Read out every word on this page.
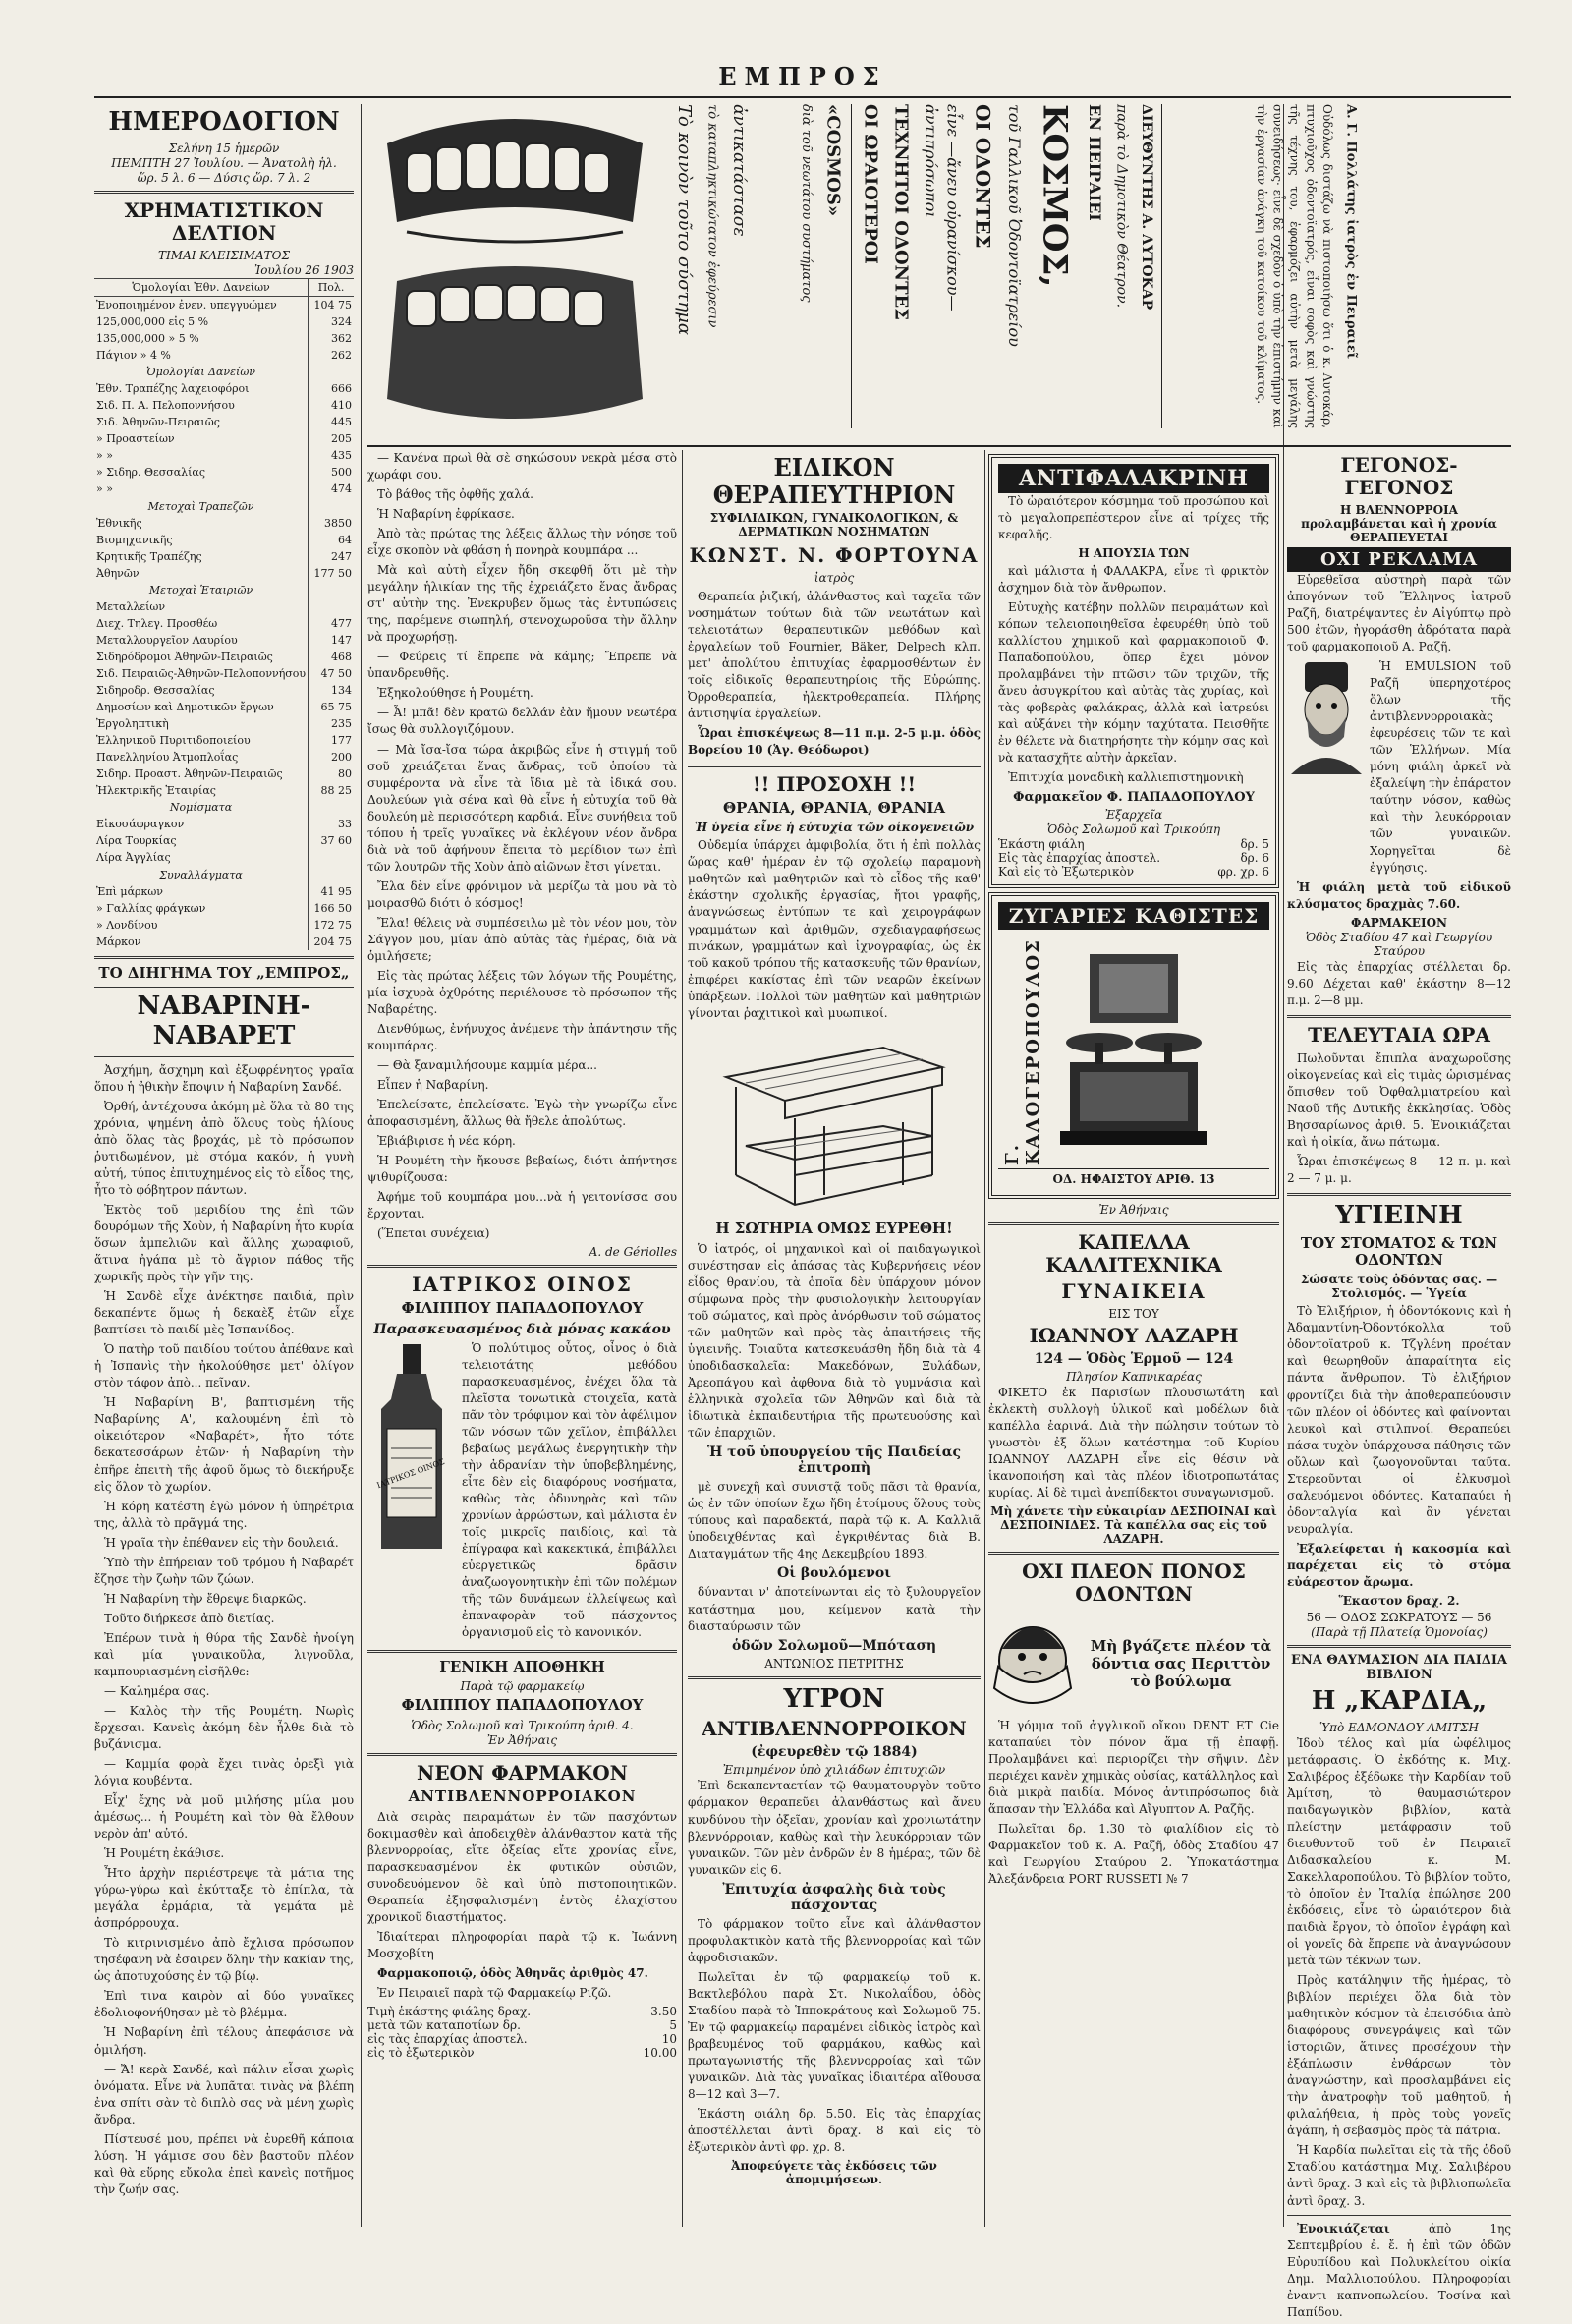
ΕΜΠΡΟΣ
ΗΜΕΡΟΔΟΓΙΟΝ
Σελήνη 15 ἡμερῶν
ΠΕΜΠΤΗ 27 Ἰουλίου. — Ἀνατολὴ ἡλ.
ὥρ. 5 λ. 6 — Δύσις ὥρ. 7 λ. 2
ΧΡΗΜΑΤΙΣΤΙΚΟΝ ΔΕΛΤΙΟΝ
ΤΙΜΑΙ ΚΛΕΙΣΙΜΑΤΟΣ
Ἰουλίου 26 1903
Ὁμολογίαι Ἐθν. Δανείων	Πολ.
Ἐνοποιημένον ἐνεν. υπεγγυώμεν	104 75
125,000,000 εἰς 5 %	324
135,000,000 » 5 %	362
Πάγιον » 4 %	262
Ὁμολογίαι Δανείων	
Ἐθν. Τραπέζης λαχειοφόροι	666
Σιδ. Π. Α. Πελοποννήσου	410
Σιδ. Ἀθηνῶν-Πειραιῶς	445
» Προαστείων	205
» »	435
» Σιδηρ. Θεσσαλίας	500
» »	474
Μετοχαὶ Τραπεζῶν	
Ἐθνικῆς	3850
Βιομηχανικῆς	64
Κρητικῆς Τραπέζης	247
Ἀθηνῶν	177 50
Μετοχαὶ Ἑταιριῶν	
Μεταλλείων	
Διεχ. Τηλεγ. Προσθέω	477
Μεταλλουργεῖον Λαυρίου	147
Σιδηρόδρομοι Ἀθηνῶν-Πειραιῶς	468
Σιδ. Πειραιῶς-Ἀθηνῶν-Πελοποννήσου	47 50
Σιδηροδρ. Θεσσαλίας	134
Δημοσίων καὶ Δημοτικῶν ἔργων	65 75
Ἐργοληπτικὴ	235
Ἑλληνικοῦ Πυριτιδοποιείου	177
Πανελληνίου Ἀτμοπλοΐας	200
Σιδηρ. Προαστ. Ἀθηνῶν-Πειραιῶς	80
Ἠλεκτρικῆς Ἑταιρίας	88 25
Νομίσματα	
Εἰκοσάφραγκον	33
Λίρα Τουρκίας	37 60
Λίρα Ἀγγλίας	
Συναλλάγματα	
Ἐπὶ μάρκων	41 95
» Γαλλίας φράγκων	166 50
» Λονδίνου	172 75
Μάρκον	204 75
ΤΟ ΔΙΗΓΗΜΑ ΤΟΥ „ΕΜΠΡΟΣ„
ΝΑΒΑΡΙΝΗ-ΝΑΒΑΡΕΤ

Ἀσχήμη, ἄσχημη καὶ ἐξωφρένητος γραῖα ὅπου ἡ ἠθικὴν ἔποψιν ἡ Ναβαρίνη Σανδέ.

Ὀρθή, ἀντέχουσα ἀκόμη μὲ ὅλα τὰ 80 της χρόνια, ψημένη ἀπὸ ὅλους τοὺς ἡλίους ἀπὸ ὅλας τὰς βροχάς, μὲ τὸ πρόσωπον ῥυτιδωμένον, μὲ στόμα κακόν, ἡ γυνὴ αὐτή, τύπος ἐπιτυχημένος εἰς τὸ εἶδος της, ἦτο τὸ φόβητρον πάντων.

Ἐκτὸς τοῦ μεριδίου της ἐπὶ τῶν δουρόμων τῆς Χοὺν, ἡ Ναβαρίνη ἦτο κυρία ὅσων ἀμπελιῶν καὶ ἄλλης χωραφιοῦ, ἅτινα ἠγάπα μὲ τὸ ἄγριον πάθος τῆς χωρικῆς πρὸς τὴν γῆν της.

Ἡ Σανδὲ εἶχε ἀνέκτησε παιδιά, πρὶν δεκαπέντε ὅμως ἡ δεκαὲξ ἐτῶν εἶχε βαπτίσει τὸ παιδί μὲς Ἰσπανίδος.

Ὁ πατὴρ τοῦ παιδίου τούτου ἀπέθανε καὶ ἡ Ἰσπανὶς τὴν ἠκολούθησε μετ' ὀλίγον στὸν τάφον ἀπὸ... πεῖναν.

Ἡ Ναβαρίνη Β', βαπτισμένη τῆς Ναβαρίνης Α', καλουμένη ἐπὶ τὸ οἰκειότερον «Ναβαρέτ», ἦτο τότε δεκατεσσάρων ἐτῶν· ἡ Ναβαρίνη τὴν ἐπῆρε ἐπειτὴ τῆς ἀφοῦ ὅμως τὸ διεκήρυξε εἰς ὅλον τὸ χωρίον.

Ἡ κόρη κατέστη ἐγὼ μόνον ἡ ὑπηρέτρια της, ἀλλὰ τὸ πρᾶγμά της.

Ἡ γραῖα τὴν ἐπέθανεν εἰς τὴν δουλειά.

Ὑπὸ τὴν ἐπήρειαν τοῦ τρόμου ἡ Ναβαρέτ ἔζησε τὴν ζωὴν τῶν ζώων.

Ἡ Ναβαρίνη τὴν ἔθρεψε διαρκῶς.

Τοῦτο διήρκεσε ἀπὸ διετίας.

Ἐπέρων τινὰ ἡ θύρα τῆς Σανδὲ ἠνοίγη καὶ μία γυναικοῦλα, λιγνοῦλα, καμπουριασμένη εἰσῆλθε:

— Καλημέρα σας.

— Καλὸς τὴν τῆς Ρουμέτη. Νωρὶς ἔρχεσαι. Κανεὶς ἀκόμη δὲν ἦλθε διὰ τὸ βυζάνισμα.

— Καμμία φορὰ ἔχει τινὰς ὀρεξὶ γιὰ λόγια κουβέντα.

Εἶχ' ἔχης νὰ μοῦ μιλήσης μίλα μου ἀμέσως... ἡ Ρουμέτη καὶ τὸν θὰ ἔλθουν νερὸν ἀπ' αὐτό.

Ἡ Ρουμέτη ἐκάθισε.

Ἦτο ἀρχὴν περιέστρεψε τὰ μάτια της γύρω-γύρω καὶ ἐκύτταξε τὸ ἐπίπλα, τὰ μεγάλα ἐρμάρια, τὰ γεμάτα μὲ ἀσπρόρρουχα.

Τὸ κιτρινισμένο ἀπὸ ἔχλισα πρόσωπον τησέφανη νὰ ἐσαιρεν ὅλην τὴν κακίαν της, ὡς ἀποτυχούσης ἐν τῷ βίῳ.

Ἐπὶ τινα καιρὸν αἱ δύο γυναῖκες ἐδολιοφονήθησαν μὲ τὸ βλέμμα.

Ἡ Ναβαρίνη ἐπὶ τέλους ἀπεφάσισε νὰ ὁμιλήση.

— Ἄ! κερὰ Σανδέ, καὶ πάλιν εἶσαι χωρὶς ὀνόματα. Εἶνε νὰ λυπᾶται τινὰς νὰ βλέπη ἐνα σπίτι σὰν τὸ διπλὸ σας νὰ μένη χωρὶς ἄνδρα.

Πίστευσέ μου, πρέπει νὰ ἐυρεθῆ κάποια λύση. Ἡ γάμισε σου δὲν βαστοῦν πλέον καὶ θὰ εὕρης εὔκολα ἐπεὶ κανεὶς ποτῆμος τὴν ζωήν σας.

Τὸ κοινὸν τοῦτο σύστημα τὸ καταπληκτικώτατον ἐφεύρεσιν ἀντικατάστασε	διὰ τοῦ νεωτάτου συστήματος «COSMOS» ΟΙ ΩΡΑΙΟΤΕΡΟΙ ΤΕΧΝΗΤΟΙ ΟΔΟΝΤΕΣ	εἶνε —ἄνευ οὐρανίσκου— ἀντιπρόσωποι	ΟΙ ΟΔΟΝΤΕΣ τοῦ Γαλλικοῦ Ὀδοντοϊατρείου ΚΟΣΜΟΣ, ΕΝ ΠΕΙΡΑΙΕΙ παρὰ τὸ Δημοτικὸν Θέατρον. ΔΙΕΥΘΥΝΤΗΣ Α. ΛΥΤΟΚΑΡ	Οὐδόλως διστάζω νὰ πιστοποιήσω ὅτι ὁ κ. Λυτοκάρ, πτυχιοῦχος ὀδοντοϊατρός, εἶναι σοφὸς καὶ γνώστης τῆς τέχνης του, ἐφαρμόζει αὐτὴν μετὰ μεγάλης συνειδήσεως· εἶνε δὲ σχεδὸν ὁ ὑπὸ τὴν ἐπιστήμην καὶ τὴν ἐργασίαν ἀνάγκη τοῦ κατοίκου τοῦ κλίματος.	Α. Γ. Πολλάτης ἰατρὸς ἐν Πειραιεῖ

— Κανένα πρωὶ θὰ σὲ σηκώσουν νεκρὰ μέσα στὸ χωράφι σου.

Τὸ βάθος τῆς ὀφθῆς χαλά.

Ἡ Ναβαρίνη ἐφρίκασε.

Ἀπὸ τὰς πρώτας της λέξεις ἄλλως τὴν νόησε τοῦ εἶχε σκοπὸν νὰ φθάση ἡ πονηρὰ κουμπάρα ...

Μὰ καὶ αὐτὴ εἶχεν ἤδη σκεφθῆ ὅτι μὲ τὴν μεγάλην ἡλικίαν της τῆς ἐχρειάζετο ἕνας ἄνδρας στ' αὐτὴν της. Ἐνεκρυβεν ὅμως τὰς ἐντυπώσεις της, παρέμενε σιωπηλή, στενοχωροῦσα τὴν ἄλλην νὰ προχωρήσῃ.

— Φεύρεις τί ἔπρεπε νὰ κάμης; Ἔπρεπε νὰ ὑπανδρευθῆς.

Ἐξηκολούθησε ἡ Ρουμέτη.

— Ἆ! μπᾶ! δὲν κρατῶ δελλάν ἐὰν ἤμουν νεωτέρα ἴσως θὰ συλλογιζόμουν.

— Μὰ ἴσα-ἴσα τώρα ἀκριβῶς εἶνε ἡ στιγμή τοῦ σοῦ χρειάζεται ἕνας ἄνδρας, τοῦ ὁποίου τὰ συμφέροντα νὰ εἶνε τὰ ἴδια μὲ τὰ ἰδικά σου. Δουλεύων γιὰ σένα καὶ θὰ εἶνε ἡ εὐτυχία τοῦ θὰ δουλεύη μὲ περισσότερη καρδιά. Εἶνε συνήθεια τοῦ τόπου ἡ τρεῖς γυναῖκες νὰ ἐκλέγουν νέον ἄνδρα διὰ νὰ τοῦ ἀφήνουν ἔπειτα τὸ μερίδιον των ἐπὶ τῶν λουτρῶν τῆς Χοὺν ἀπὸ αἰῶνων ἔτσι γίνεται.

Ἔλα δὲν εἶνε φρόνιμον νὰ μερίζω τὰ μου νὰ τὸ μοιρασθῶ διότι ὁ κόσμος!

Ἔλα! θέλεις νὰ συμπέσειλω μὲ τὸν νέον μου, τὸν Σάγγον μου, μίαν ἀπὸ αὐτὰς τὰς ἡμέρας, διὰ νὰ ὁμιλήσετε;

Εἰς τὰς πρώτας λέξεις τῶν λόγων τῆς Ρουμέτης, μία ἰσχυρὰ ὀχθρότης περιέλουσε τὸ πρόσωπον τῆς Ναβαρέτης.

Διενθύμως, ἐνήνυχος ἀνέμενε τὴν ἀπάντησιν τῆς κουμπάρας.

— Θὰ ξαναμιλήσουμε καμμία μέρα...

Εἶπεν ἡ Ναβαρίνη.

Ἐπελείσατε, ἐπελείσατε. Ἐγὼ τὴν γνωρίζω εἶνε ἀποφασισμένη, ἄλλως θὰ ἤθελε ἀπολύτως.

Ἐβιάβιρισε ἡ νέα κόρη.

Ἡ Ρουμέτη τὴν ἤκουσε βεβαίως, διότι ἀπήντησε ψιθυρίζουσα:

Ἀφήμε τοῦ κουμπάρα μου...νὰ ἡ γειτονίσσα σου ἔρχονται.

(Ἕπεται συνέχεια)

A. de Gériolles
ΙΑΤΡΙΚΟΣ ΟΙΝΟΣ
ΦΙΛΙΠΠΟΥ ΠΑΠΑΔΟΠΟΥΛΟΥ
Παρασκευασμένος διὰ μόνας κακάου
ΙΑΤΡΙΚΟΣ ΟΙΝΟΣ

Ὁ πολύτιμος οὗτος, οἶνος ὁ διὰ τελειοτάτης μεθόδου παρασκευασμένος, ἐνέχει ὅλα τὰ πλεῖστα τονωτικὰ στοιχεῖα, κατὰ πᾶν τὸν τρόφιμον καὶ τὸν ἀφέλιμον τῶν νόσων τῶν χεῖλον, ἐπιβάλλει βεβαίως μεγάλως ἐνεργητικὴν τὴν τὴν ἀδρανίαν τὴν ὑποβεβλημένης, εἶτε δὲν εἰς διαφόρους νοσήματα, καθὼς τὰς ὀδυνηρὰς καὶ τῶν χρονίων ἀρρώστων, καὶ μάλιστα ἐν τοῖς μικροῖς παιδίοις, καὶ τὰ ἐπίγραφα καὶ κακεκτικά, ἐπιβάλλει εὐεργετικῶς δρᾶσιν ἀναζωογονητικὴν ἐπὶ τῶν πολέμων τῆς τῶν δυνάμεων ἐλλείψεως καὶ ἐπαναφορὰν τοῦ πάσχοντος ὀργανισμοῦ εἰς τὸ κανονικόν.

ΓΕΝΙΚΗ ΑΠΟΘΗΚΗ
Παρὰ τῷ φαρμακείῳ
ΦΙΛΙΠΠΟΥ ΠΑΠΑΔΟΠΟΥΛΟΥ
Ὁδὸς Σολωμοῦ καὶ Τρικούπη ἀριθ. 4.
Ἐν Ἀθήναις
ΝΕΟΝ ΦΑΡΜΑΚΟΝ
ΑΝΤΙΒΛΕΝΝΟΡΡΟΙΑΚΟΝ

Διὰ σειρὰς πειραμάτων ἐν τῶν πασχόντων δοκιμασθὲν καὶ ἀποδειχθὲν ἀλάνθαστον κατὰ τῆς βλεννορροίας, εἴτε ὀξείας εἴτε χρονίας εἶνε, παρασκευασμένον ἐκ φυτικῶν οὐσιῶν, συνοδευόμενον δὲ καὶ ὑπὸ πιστοποιητικῶν. Θεραπεία ἐξησφαλισμένη ἐντὸς ἐλαχίστου χρονικοῦ διαστήματος.

Ἰδιαίτεραι πληροφορίαι παρὰ τῷ κ. Ἰωάννη Μοσχοβίτη

Φαρμακοποιῷ, ὁδὸς Ἀθηνᾶς ἀριθμὸς 47.

Ἐν Πειραιεῖ παρὰ τῷ Φαρμακείῳ Ριζῶ.

Τιμὴ ἑκάστης φιάλης δραχ.	3.50
μετὰ τῶν καταποτίων δρ.	5
εἰς τὰς ἐπαρχίας ἀποστελ.	10
εἰς τὸ ἐξωτερικὸν	10.00
ΕΙΔΙΚΟΝ ΘΕΡΑΠΕΥΤΗΡΙΟΝ
ΣΥΦΙΛΙΔΙΚΩΝ, ΓΥΝΑΙΚΟΛΟΓΙΚΩΝ, & ΔΕΡΜΑΤΙΚΩΝ ΝΟΣΗΜΑΤΩΝ
ΚΩΝΣΤ. Ν. ΦΟΡΤΟΥΝΑ ἰατρὸς

Θεραπεία ῥιζική, ἀλάνθαστος καὶ ταχεῖα τῶν νοσημάτων τούτων διὰ τῶν νεωτάτων καὶ τελειοτάτων θεραπευτικῶν μεθόδων καὶ ἐργαλείων τοῦ Fournier, Bäker, Delpech κλπ. μετ' ἀπολύτου ἐπιτυχίας ἐφαρμοσθέντων ἐν τοῖς εἰδικοῖς θεραπευτηρίοις τῆς Εὐρώπης. Ὀρροθεραπεία, ἠλεκτροθεραπεία. Πλήρης ἀντισηψία ἐργαλείων.

Ὧραι ἐπισκέψεως 8—11 π.μ. 2-5 μ.μ. ὁδὸς Βορείου 10 (Ἁγ. Θεόδωροι)

!! ΠΡΟΣΟΧΗ !!
ΘΡΑΝΙΑ, ΘΡΑΝΙΑ, ΘΡΑΝΙΑ
Ἡ ὑγεία εἶνε ἡ εὐτυχία τῶν οἰκογενειῶν

Οὐδεμία ὑπάρχει ἀμφιβολία, ὅτι ἡ ἐπὶ πολλὰς ὥρας καθ' ἡμέραν ἐν τῷ σχολείῳ παραμονὴ μαθητῶν καὶ μαθητριῶν καὶ τὸ εἶδος τῆς καθ' ἑκάστην σχολικῆς ἐργασίας, ἤτοι γραφῆς, ἀναγνώσεως ἐντύπων τε καὶ χειρογράφων γραμμάτων καὶ ἀριθμῶν, σχεδιαγραφήσεως πινάκων, γραμμάτων καὶ ἰχνογραφίας, ὡς ἐκ τοῦ κακοῦ τρόπου τῆς κατασκευῆς τῶν θρανίων, ἐπιφέρει κακίστας ἐπὶ τῶν νεαρῶν ἐκείνων ὑπάρξεων. Πολλοὶ τῶν μαθητῶν καὶ μαθητριῶν γίνονται ῥαχιτικοὶ καὶ μυωπικοί.

Η ΣΩΤΗΡΙΑ ΟΜΩΣ ΕΥΡΕΘΗ!

Ὁ ἰατρός, οἱ μηχανικοὶ καὶ οἱ παιδαγωγικοὶ συνέστησαν εἰς ἁπάσας τὰς Κυβερνήσεις νέον εἶδος θρανίου, τὰ ὁποῖα δὲν ὑπάρχουν μόνον σύμφωνα πρὸς τὴν φυσιολογικὴν λειτουργίαν τοῦ σώματος, καὶ πρὸς ἀνόρθωσιν τοῦ σώματος τῶν μαθητῶν καὶ πρὸς τὰς ἀπαιτήσεις τῆς ὑγιεινῆς. Τοιαῦτα κατεσκευάσθη ἤδη διὰ τὰ 4 ὑποδιδασκαλεῖα: Μακεδόνων, Ξυλάδων, Ἀρεοπάγου καὶ ἀφθονα διὰ τὸ γυμνάσια καὶ ἑλληνικὰ σχολεῖα τῶν Ἀθηνῶν καὶ διὰ τὰ ἰδιωτικὰ ἐκπαιδευτήρια τῆς πρωτευούσης καὶ τῶν ἐπαρχιῶν.

Ἡ τοῦ ὑπουργείου τῆς Παιδείας ἐπιτροπὴ

μὲ συνεχῆ καὶ συνιστᾷ τοῦς πᾶσι τὰ θρανία, ὡς ἐν τῶν ὁποίων ἔχω ἤδη ἑτοίμους ὅλους τοὺς τύπους καὶ παραδεκτά, παρὰ τῷ κ. Α. Καλλιᾶ ὑποδειχθέντας καὶ ἐγκριθέντας διὰ Β. Διαταγμάτων τῆς 4ης Δεκεμβρίου 1893.

Οἱ βουλόμενοι

δύνανται ν' ἀποτείνωνται εἰς τὸ ξυλουργεῖον κατάστημα μου, κείμενον κατὰ τὴν διασταύρωσιν τῶν

ὁδῶν Σολωμοῦ—Μπόταση
ΑΝΤΩΝΙΟΣ ΠΕΤΡΙΤΗΣ
ΥΓΡΟΝ
ΑΝΤΙΒΛΕΝΝΟΡΡΟΙΚΟΝ
(ἐφευρεθὲν τῷ 1884)
Ἐπιμημένον ὑπὸ χιλιάδων ἐπιτυχιῶν

Ἐπὶ δεκαπενταετίαν τῷ θαυματουργὸν τοῦτο φάρμακον θεραπεῦει ἀλανθάστως καὶ ἄνευ κυνδύνου τὴν ὀξεῖαν, χρονίαν καὶ χρονιωτάτην βλεννόρροιαν, καθὼς καὶ τὴν λευκόρροιαν τῶν γυναικῶν. Τῶν μὲν ἀνδρῶν ἐν 8 ἡμέρας, τῶν δὲ γυναικῶν εἰς 6.

Ἐπιτυχία ἀσφαλὴς διὰ τοὺς πάσχοντας

Τὸ φάρμακον τοῦτο εἶνε καὶ ἀλάνθαστον προφυλακτικὸν κατὰ τῆς βλεννορροίας καὶ τῶν ἀφροδισιακῶν.

Πωλεῖται ἐν τῷ φαρμακείῳ τοῦ κ. Βακτλεβόλου παρὰ Στ. Νικολαΐδου, ὁδὸς Σταδίου παρὰ τὸ Ἱπποκράτους καὶ Σολωμοῦ 75. Ἐν τῷ φαρμακείῳ παραμένει εἰδικὸς ἰατρὸς καὶ βραβευμένος τοῦ φαρμάκου, καθὼς καὶ πρωταγωνιστής τῆς βλεννορροίας καὶ τῶν γυναικῶν. Διὰ τὰς γυναῖκας ἰδιαιτέρα αἴθουσα 8—12 καὶ 3—7.

Ἑκάστη φιάλη δρ. 5.50. Εἰς τὰς ἐπαρχίας ἀποστέλλεται ἀντὶ δραχ. 8 καὶ εἰς τὸ ἐξωτερικὸν ἀντὶ φρ. χρ. 8.

Ἀποφεύγετε τὰς ἐκδόσεις τῶν ἀπομιμήσεων.
ΑΝΤΙΦΑΛΑΚΡΙΝΗ

Τὸ ὡραιότερον κόσμημα τοῦ προσώπου καὶ τὸ μεγαλοπρεπέστερον εἶνε αἱ τρίχες τῆς κεφαλῆς.

Η ΑΠΟΥΣΙΑ ΤΩΝ

καὶ μάλιστα ἡ ΦΑΛΑΚΡΑ, εἶνε τὶ φρικτὸν ἀσχημον διὰ τὸν ἄνθρωπον.

Εὐτυχὴς κατέβην πολλῶν πειραμάτων καὶ κόπων τελειοποιηθεῖσα ἐφευρέθη ὑπὸ τοῦ καλλίστου χημικοῦ καὶ φαρμακοποιοῦ Φ. Παπαδοπούλου, ὅπερ ἔχει μόνον προλαμβάνει τὴν πτῶσιν τῶν τριχῶν, τῆς ἄνευ ἀσυγκρίτου καὶ αὐτὰς τὰς χυρίας, καὶ τὰς φοβερὰς φαλάκρας, ἀλλὰ καὶ ἰατρεύει καὶ αὐξάνει τὴν κόμην ταχύτατα. Πεισθῆτε ἐν θέλετε νὰ διατηρήσητε τὴν κόμην σας καὶ νὰ κατασχῆτε αὐτὴν ἀρκεῖαν.

Ἐπιτυχία μοναδικὴ καλλιεπιστημονικὴ

Φαρμακεῖον Φ. ΠΑΠΑΔΟΠΟΥΛΟΥ
Ἐξαρχεῖα
Ὁδὸς Σολωμοῦ καὶ Τρικούπη
Ἑκάστη φιάλη	δρ. 5
Εἰς τὰς ἐπαρχίας ἀποστελ.	δρ. 6
Καὶ εἰς τὸ Ἐξωτερικὸν	φρ. χρ. 6
ΖΥΓΑΡΙΕΣ ΚΑΘΙΣΤΕΣ
Γ. ΚΑΛΟΓΕΡΟΠΟΥΛΟΣ
ΟΔ. ΗΦΑΙΣΤΟΥ ΑΡΙΘ. 13
Ἐν Ἀθήναις
ΚΑΠΕΛΛΑ ΚΑΛΛΙΤΕΧΝΙΚΑ
ΓΥΝΑΙΚΕΙΑ
ΕΙΣ ΤΟΥ
ΙΩΑΝΝΟΥ ΛΑΖΑΡΗ
124 — Ὁδὸς Ἑρμοῦ — 124
Πλησίον Καπνικαρέας

ΦΙΚΕΤΟ ἐκ Παρισίων πλουσιωτάτη καὶ ἐκλεκτὴ συλλογὴ ὑλικοῦ καὶ μοδέλων διὰ καπέλλα ἐαρινά. Διὰ τὴν πώλησιν τούτων τὸ γνωστὸν ἐξ ὅλων κατάστημα τοῦ Κυρίου ΙΩΑΝΝΟΥ ΛΑΖΑΡΗ εἶνε εἰς θέσιν νὰ ἱκανοποιήση καὶ τὰς πλέον ἰδιοτροπωτάτας κυρίας. Αἱ δὲ τιμαὶ ἀνεπίδεκτοι συναγωνισμοῦ.

Μὴ χάνετε τὴν εὐκαιρίαν ΔΕΣΠΟΙΝΑΙ καὶ ΔΕΣΠΟΙΝΙΔΕΣ. Τὰ καπέλλα σας εἰς τοῦ ΛΑΖΑΡΗ.
ΟΧΙ ΠΛΕΟΝ ΠΟΝΟΣ ΟΔΟΝΤΩΝ
Μὴ βγάζετε πλέον τὰ δόντια σας Περιττὸν τὸ βούλωμα

Ἡ γόμμα τοῦ ἀγγλικοῦ οἴκου DENT ET Cie καταπαύει τὸν πόνον ἅμα τῇ ἐπαφῇ. Προλαμβάνει καὶ περιορίζει τὴν σῆψιν. Δὲν περιέχει κανὲν χημικὰς οὐσίας, κατάλληλος καὶ διὰ μικρὰ παιδία. Μόνος ἀντιπρόσωπος διὰ ἅπασαν τὴν Ἑλλάδα καὶ Αἴγυπτον Α. Ραζῆς.

Πωλεῖται δρ. 1.30 τὸ φιαλίδιον εἰς τὸ Φαρμακεῖον τοῦ κ. Α. Ραζῆ, ὁδὸς Σταδίου 47 καὶ Γεωργίου Σταύρου 2. Ὑποκατάστημα Ἀλεξάνδρεια PORT RUSSETI № 7

ΓΕΓΟΝΟΣ-ΓΕΓΟΝΟΣ
Η ΒΛΕΝΝΟΡΡΟΙΑ προλαμβάνεται καὶ ἡ χρονία ΘΕΡΑΠΕΥΕΤΑΙ
ΟΧΙ ΡΕΚΛΑΜΑ

Εὑρεθεῖσα αὐστηρὴ παρὰ τῶν ἀπογόνων τοῦ Ἕλληνος ἰατροῦ Ραζῆ, διατρέψαντες ἐν Αἰγύπτῳ πρὸ 500 ἐτῶν, ἠγοράσθη ἀδρότατα παρὰ τοῦ φαρμακοποιοῦ Α. Ραζῆ.

Ἡ EMULSION τοῦ Ραζῆ ὑπερηχοτέρος ὅλων τῆς ἀντιβλεννορροιακὰς ἐφευρέσεις τῶν τε καὶ τῶν Ἑλλήνων. Μία μόνη φιάλη ἀρκεῖ νὰ ἐξαλείψη τὴν ἐπάρατον ταύτην νόσον, καθὼς καὶ τὴν λευκόρροιαν τῶν γυναικῶν. Χορηγεῖται δὲ ἐγγύησις.

Ἡ φιάλη μετὰ τοῦ εἰδικοῦ κλύσματος δραχμὰς 7.60.

ΦΑΡΜΑΚΕΙΟΝ
Ὁδὸς Σταδίου 47 καὶ Γεωργίου Σταύρου

Εἰς τὰς ἐπαρχίας στέλλεται δρ. 9.60 Δέχεται καθ' ἑκάστην 8—12 π.μ. 2—8 μμ.

ΤΕΛΕΥΤΑΙΑ ΩΡΑ

Πωλοῦνται ἔπιπλα ἀναχωροῦσης οἰκογενείας καὶ εἰς τιμὰς ὡρισμένας ὄπισθεν τοῦ Ὀφθαλμιατρείου καὶ Ναοῦ τῆς Δυτικῆς ἐκκλησίας. Ὁδὸς Βησσαρίωνος ἀριθ. 5. Ἐνοικιάζεται καὶ ἡ οἰκία, ἄνω πάτωμα.

Ὧραι ἐπισκέψεως 8 — 12 π. μ. καὶ 2 — 7 μ. μ.

ΥΓΙΕΙΝΗ
ΤΟΥ ΣΤΟΜΑΤΟΣ & ΤΩΝ ΟΔΟΝΤΩΝ
Σώσατε τοὺς ὀδόντας σας. — Στολισμός. — Ὑγεία

Τὸ Ἐλιξήριον, ἡ ὀδοντόκονις καὶ ἡ Ἀδαμαντίνη-Ὀδοντόκολλα τοῦ ὀδοντοϊατροῦ κ. Τζγλένη προέταν καὶ θεωρηθοῦν ἀπαραίτητα εἰς πάντα ἄνθρωπον. Τὸ ἐλιξήριον φροντίζει διὰ τὴν ἀποθεραπεύουσιν τῶν πλέον οἱ ὀδόντες καὶ φαίνονται λευκοὶ καὶ στιλπνοί. Θεραπεύει πάσα τυχὸν ὑπάρχουσα πάθησις τῶν οὔλων καὶ ζωογονοῦνται ταῦτα. Στερεοῦνται οἱ ἐλκυσμοὶ σαλευόμενοι ὀδόντες. Καταπαύει ἡ ὀδονταλγία καὶ ἂν γένεται νευραλγία.

Ἐξαλείφεται ἡ κακοσμία καὶ παρέχεται εἰς τὸ στόμα εὐάρεστον ἄρωμα.

Ἕκαστον δραχ. 2.
56 — ΟΔΟΣ ΣΩΚΡΑΤΟΥΣ — 56
(Παρὰ τῇ Πλατείᾳ Ὁμονοίας)
ΕΝΑ ΘΑΥΜΑΣΙΟΝ ΔΙΑ ΠΑΙΔΙΑ ΒΙΒΛΙΟΝ
Η „ΚΑΡΔΙΑ„
Ὑπὸ ΕΔΜΟΝΔΟΥ ΑΜΙΤΣΗ

Ἰδοὺ τέλος καὶ μία ὠφέλιμος μετάφρασις. Ὁ ἐκδότης κ. Μιχ. Σαλιβέρος ἐξέδωκε τὴν Καρδίαν τοῦ Ἀμίτση, τὸ θαυμασιώτερον παιδαγωγικὸν βιβλίον, κατὰ πλείστην μετάφρασιν τοῦ διευθυντοῦ τοῦ ἐν Πειραιεῖ Διδασκαλείου κ. Μ. Σακελλαροπούλου. Τὸ βιβλίον τοῦτο, τὸ ὁποῖον ἐν Ἰταλίᾳ ἐπώλησε 200 ἐκδόσεις, εἶνε τὸ ὡραιότερον διὰ παιδιὰ ἔργον, τὸ ὁποῖον ἐγράφη καὶ οἱ γονεῖς δὰ ἔπρεπε νὰ ἀναγνώσουν μετὰ τῶν τέκνων των.

Πρὸς κατάληψιν τῆς ἡμέρας, τὸ βιβλίον περιέχει ὅλα διὰ τὸν μαθητικὸν κόσμον τὰ ἐπεισόδια ἀπὸ διαφόρους συνεγράψεις καὶ τῶν ἱστοριῶν, ἅτινες προσέχουν τὴν ἐξάπλωσιν ἐνθάρσων τὸν ἀναγνώστην, καὶ προσλαμβάνει εἰς τὴν ἀνατροφὴν τοῦ μαθητοῦ, ἡ φιλαλήθεια, ἡ πρὸς τοὺς γονεῖς ἀγάπη, ἡ σεβασμὸς πρὸς τὰ πάτρια.

Ἡ Καρδία πωλεῖται εἰς τὰ τῆς ὁδοῦ Σταδίου κατάστημα Μιχ. Σαλιβέρου ἀντὶ δραχ. 3 καὶ εἰς τὰ βιβλιοπωλεῖα ἀντὶ δραχ. 3.

Ἐνοικιάζεται	ἀπὸ 1ης Σεπτεμβρίου ἐ. ἔ. ἡ ἐπὶ τῶν ὁδῶν Εὐρυπίδου καὶ Πολυκλείτου οἰκία Δημ. Μαλλιοπούλου. Πληροφορίαι ἐναντι καπνοπωλείου. Τοσίνα καὶ Παπίδου.
